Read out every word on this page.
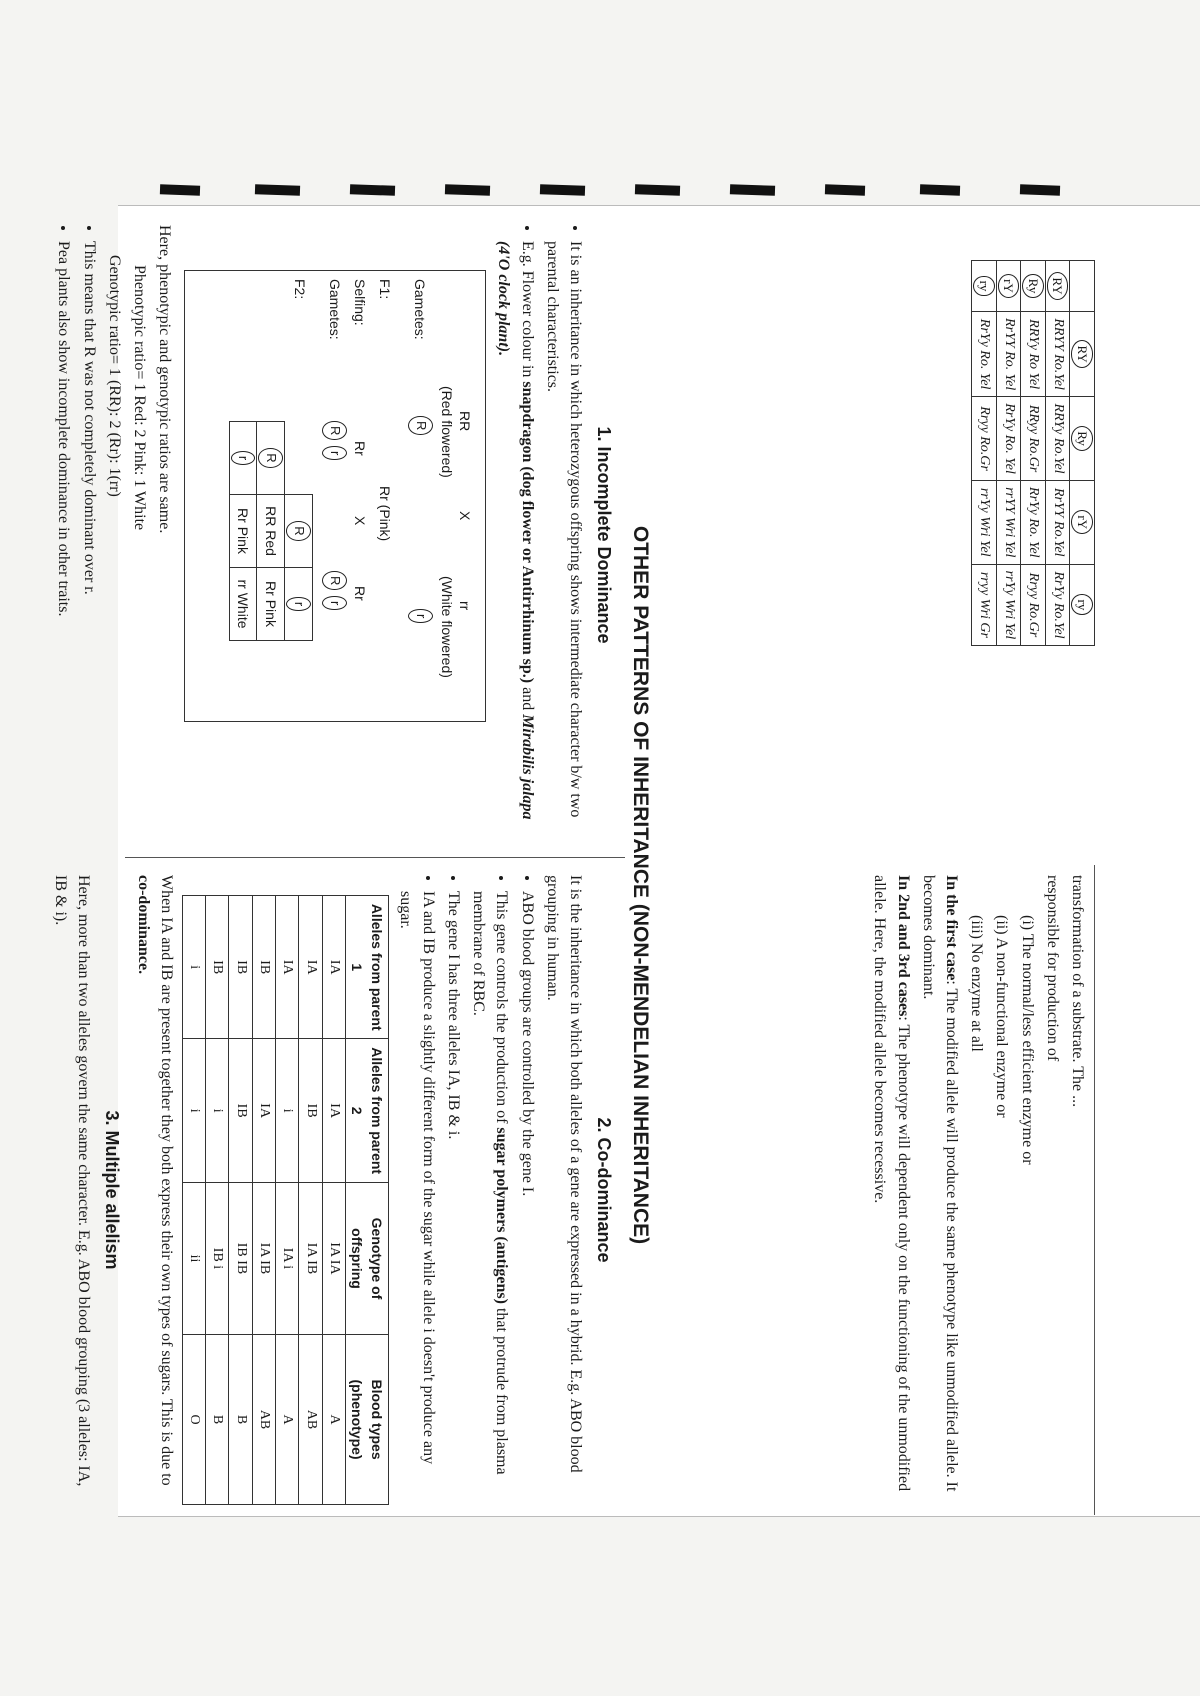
	RY	Ry	rY	ry
RY	RRYY Ro.Yel	RRYy Ro.Yel	RrYY Ro.Yel	RrYy Ro.Yel
Ry	RRYy Ro Yel	RRyy Ro.Gr	RrYy Ro. Yel	Rryy Ro.Gr
rY	RrYY Ro. Yel	RrYy Ro. Yel	rrYY Wri Yel	rrYy Wri Yel
ry	RrYy Ro. Yel	Rryy Ro.Gr	rrYy Wri Yel	rryy Wri Gr

transformation of a substrate. The ...

responsible for production of

(i) The normal/less efficient enzyme or

(ii) A non-functional enzyme or

(iii) No enzyme at all

In the first case: The modified allele will produce the same phenotype like unmodified allele. It becomes dominant.

In 2nd and 3rd cases: The phenotype will dependent only on the functioning of the unmodified allele. Here, the modified allele becomes recessive.

OTHER PATTERNS OF INHERITANCE (NON-MENDELIAN INHERITANCE)
1. Incomplete Dominance
• It is an inheritance in which heterozygous offspring shows intermediate character b/w two parental characteristics.
• E.g. Flower colour in snapdragon (dog flower or Antirrhinum sp.) and Mirabilis jalapa (4'O clock plant).
RR
(Red flowered)
X
rr
(White flowered)
Gametes:
R
r
F1:
Rr (Pink)
Selfing:
Rr
X
Rr
Gametes:
R
r
R
r
F2:
	R	r
R	RR Red	Rr Pink
r	Rr Pink	rr White

Here, phenotypic and genotypic ratios are same.

Phenotypic ratio= 1 Red: 2 Pink: 1 White

Genotypic ratio= 1 (RR): 2 (Rr): 1(rr)

• This means that R was not completely dominant over r.
• Pea plants also show incomplete dominance in other traits.
2. Co-dominance

It is the inheritance in which both alleles of a gene are expressed in a hybrid. E.g. ABO blood grouping in human.

• ABO blood groups are controlled by the gene I.
• This gene controls the production of sugar polymers (antigens) that protrude from plasma membrane of RBC.
• The gene I has three alleles IA, IB & i.
• IA and IB produce a slightly different form of the sugar while allele i doesn't produce any sugar.
Alleles from parent 1	Alleles from parent 2	Genotype of offspring	Blood types (phenotype)
IA	IA	IA IA	A
IA	IB	IA IB	AB
IA	i	IA i	A
IB	IA	IA IB	AB
IB	IB	IB IB	B
IB	i	IB i	B
i	i	ii	O

When IA and IB are present together they both express their own types of sugars. This is due to co-dominance.

3. Multiple allelism

Here, more than two alleles govern the same character. E.g. ABO blood grouping (3 alleles: IA, IB & i).
